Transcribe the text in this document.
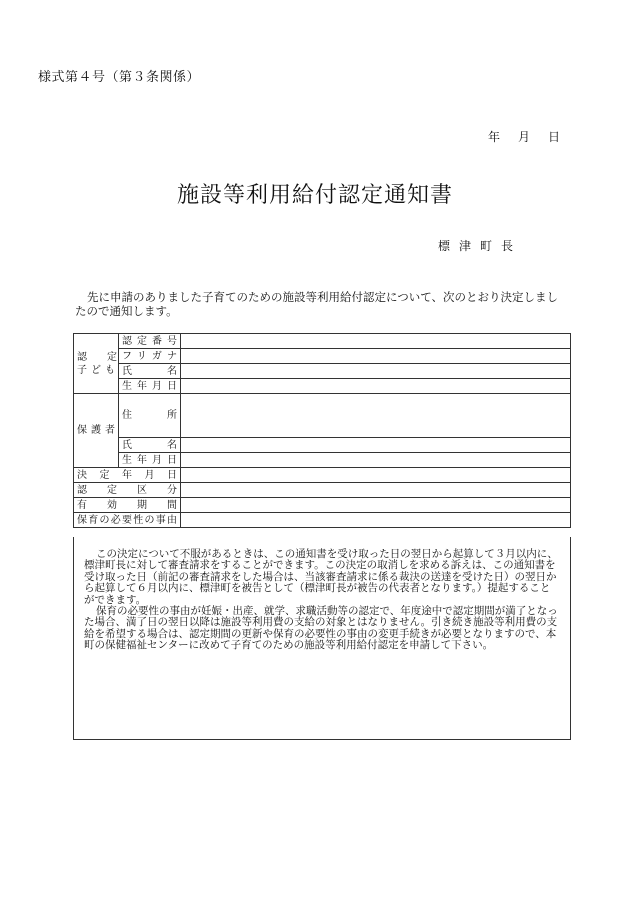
様式第４号（第３条関係）
年 月 日
施設等利用給付認定通知書
標津町長
先に申請のありました子育てのための施設等利用給付認定について、次のとおり決定しましたので通知します。
認　　定
子ども	認定番号	
	フリガナ	
	氏名	
	生年月日	

保護者	住所	
	氏名	
	生年月日	
決定年月日		
認定区分		
有効期間		
保育の必要性の事由		

この決定について不服があるときは、この通知書を受け取った日の翌日から起算して３月以内に、標津町長に対して審査請求をすることができます。この決定の取消しを求める訴えは、この通知書を受け取った日（前記の審査請求をした場合は、当該審査請求に係る裁決の送達を受けた日）の翌日から起算して６月以内に、標津町を被告として（標津町長が被告の代表者となります。）提起することができます。

保育の必要性の事由が妊娠・出産、就学、求職活動等の認定で、年度途中で認定期間が満了となった場合、満了日の翌日以降は施設等利用費の支給の対象とはなりません。引き続き施設等利用費の支給を希望する場合は、認定期間の更新や保育の必要性の事由の変更手続きが必要となりますので、本町の保健福祉センターに改めて子育てのための施設等利用給付認定を申請して下さい。
